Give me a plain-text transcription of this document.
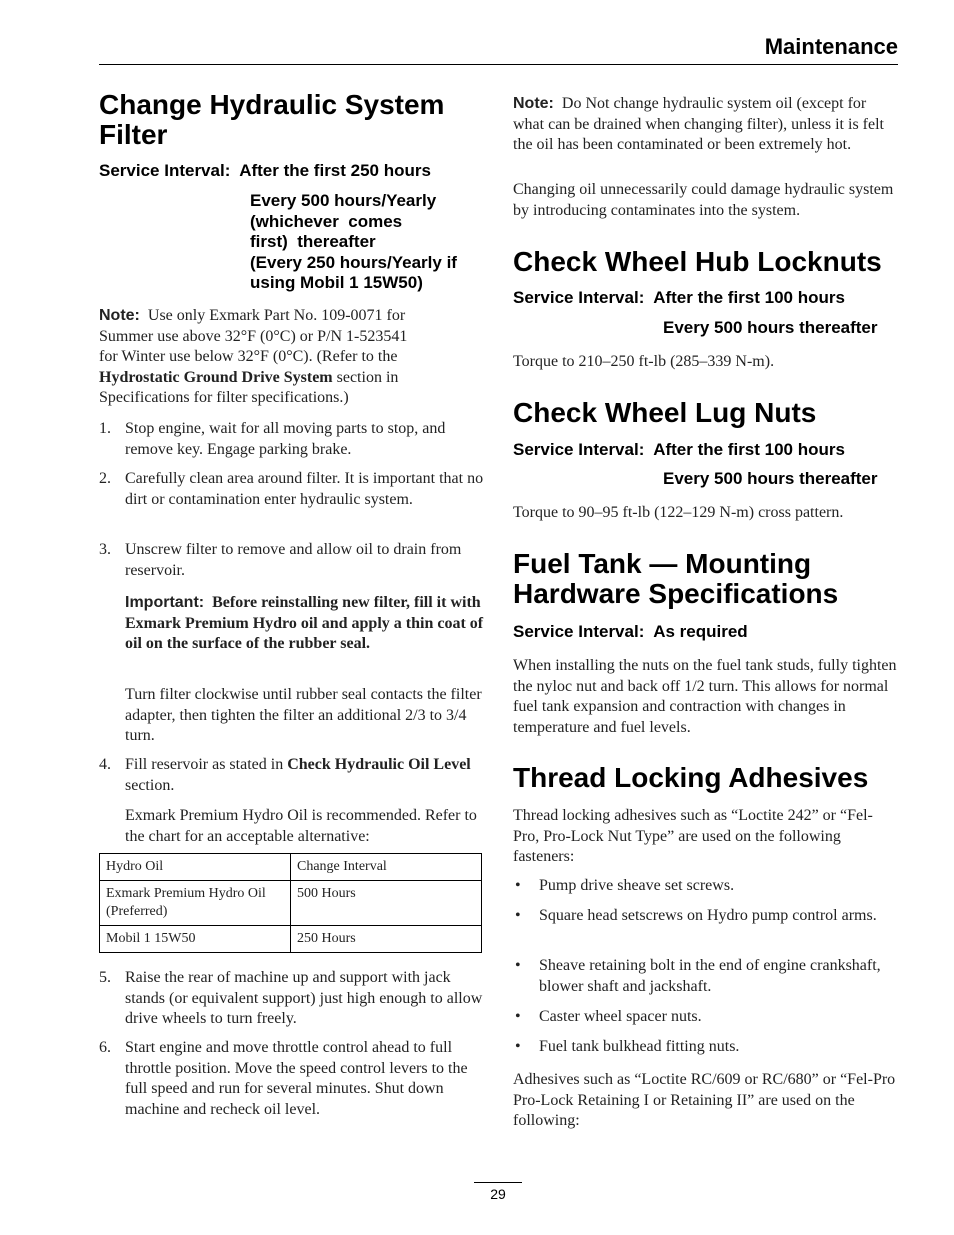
Maintenance
Change Hydraulic System Filter
Service Interval: After the first 250 hours
Every 500 hours/Yearly
(whichever  comes
first)  thereafter
(Every 250 hours/Yearly if
using Mobil 1 15W50)
Note: Use only Exmark Part No. 109-0071 for
Summer use above 32°F (0°C) or P/N 1-523541
for Winter use below 32°F (0°C). (Refer to the
Hydrostatic Ground Drive System section in
Specifications for filter specifications.)
1. Stop engine, wait for all moving parts to stop, and remove key. Engage parking brake.
2. Carefully clean area around filter. It is important that no dirt or contamination enter hydraulic system.
3. Unscrew filter to remove and allow oil to drain from reservoir.
Important: Before reinstalling new filter, fill it with Exmark Premium Hydro oil and apply a thin coat of oil on the surface of the rubber seal.
Turn filter clockwise until rubber seal contacts the filter adapter, then tighten the filter an additional 2/3 to 3/4 turn.
4. Fill reservoir as stated in Check Hydraulic Oil Level section.
Exmark Premium Hydro Oil is recommended. Refer to the chart for an acceptable alternative:
Hydro Oil	Change Interval
Exmark Premium Hydro Oil (Preferred)	500 Hours
Mobil 1 15W50	250 Hours
5. Raise the rear of machine up and support with jack stands (or equivalent support) just high enough to allow drive wheels to turn freely.
6. Start engine and move throttle control ahead to full throttle position. Move the speed control levers to the full speed and run for several minutes. Shut down machine and recheck oil level.
Note: Do Not change hydraulic system oil (except for what can be drained when changing filter), unless it is felt the oil has been contaminated or been extremely hot.
Changing oil unnecessarily could damage hydraulic system by introducing contaminates into the system.
Check Wheel Hub Locknuts
Service Interval: After the first 100 hours
Every 500 hours thereafter
Torque to 210–250 ft-lb (285–339 N-m).
Check Wheel Lug Nuts
Service Interval: After the first 100 hours
Every 500 hours thereafter
Torque to 90–95 ft-lb (122–129 N-m) cross pattern.
Fuel Tank — Mounting
Hardware Specifications
Service Interval: As required
When installing the nuts on the fuel tank studs, fully tighten the nyloc nut and back off 1/2 turn. This allows for normal fuel tank expansion and contraction with changes in temperature and fuel levels.
Thread Locking Adhesives
Thread locking adhesives such as “Loctite 242” or “Fel-Pro, Pro-Lock Nut Type” are used on the following fasteners:
• Pump drive sheave set screws.
• Square head setscrews on Hydro pump control arms.
• Sheave retaining bolt in the end of engine crankshaft, blower shaft and jackshaft.
• Caster wheel spacer nuts.
• Fuel tank bulkhead fitting nuts.
Adhesives such as “Loctite RC/609 or RC/680” or “Fel-Pro Pro-Lock Retaining I or Retaining II” are used on the following:
29
